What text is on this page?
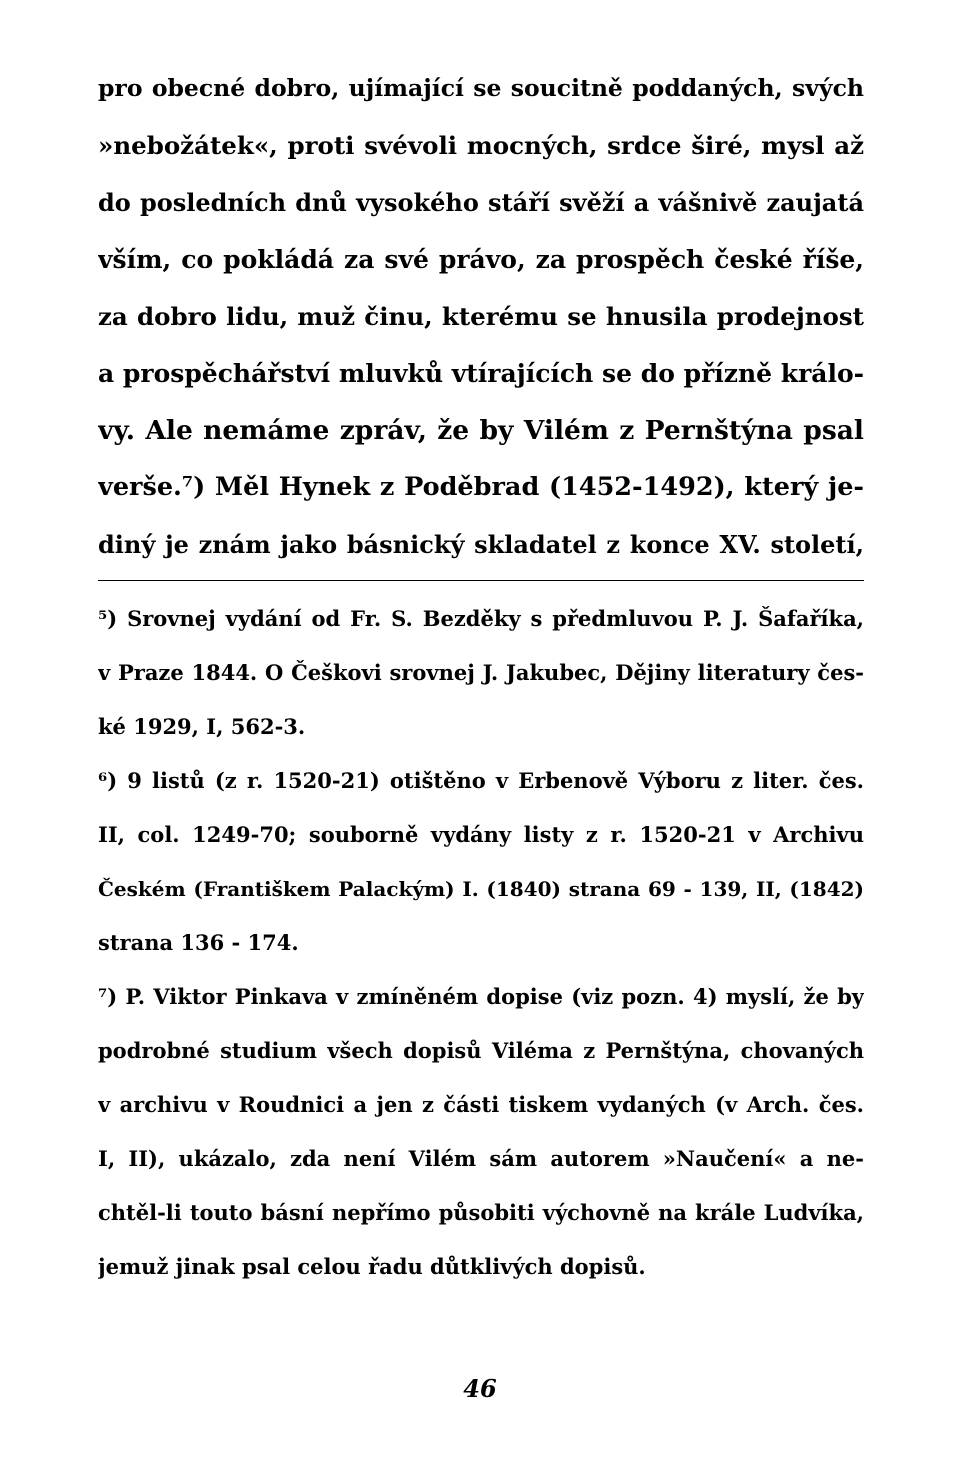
pro obecné dobro, ujímající se soucitně poddaných, svých
»nebožátek«, proti svévoli mocných, srdce širé, mysl až
do posledních dnů vysokého stáří svěží a vášnivě zaujatá
vším, co pokládá za své právo, za prospěch české říše,
za dobro lidu, muž činu, kterému se hnusila prodejnost
a prospěchářství mluvků vtírajících se do přízně králo-
vy. Ale nemáme zpráv, že by Vilém z Pernštýna psal
verše.⁷) Měl Hynek z Poděbrad (1452-1492), který je-
diný je znám jako básnický skladatel z konce XV. století,
⁵) Srovnej vydání od Fr. S. Bezděky s předmluvou P. J. Šafaříka,
v Praze 1844. O Češkovi srovnej J. Jakubec, Dějiny literatury čes-
ké 1929, I, 562-3.
⁶) 9 listů (z r. 1520-21) otištěno v Erbenově Výboru z liter. čes.
II, col. 1249-70; souborně vydány listy z r. 1520-21 v Archivu
Českém (Františkem Palackým) I. (1840) strana 69 - 139, II, (1842)
strana 136 - 174.
⁷) P. Viktor Pinkava v zmíněném dopise (viz pozn. 4) myslí, že by
podrobné studium všech dopisů Viléma z Pernštýna, chovaných
v archivu v Roudnici a jen z části tiskem vydaných (v Arch. čes.
I, II), ukázalo, zda není Vilém sám autorem »Naučení« a ne-
chtěl-li touto básní nepřímo působiti výchovně na krále Ludvíka,
jemuž jinak psal celou řadu důtklivých dopisů.
46
